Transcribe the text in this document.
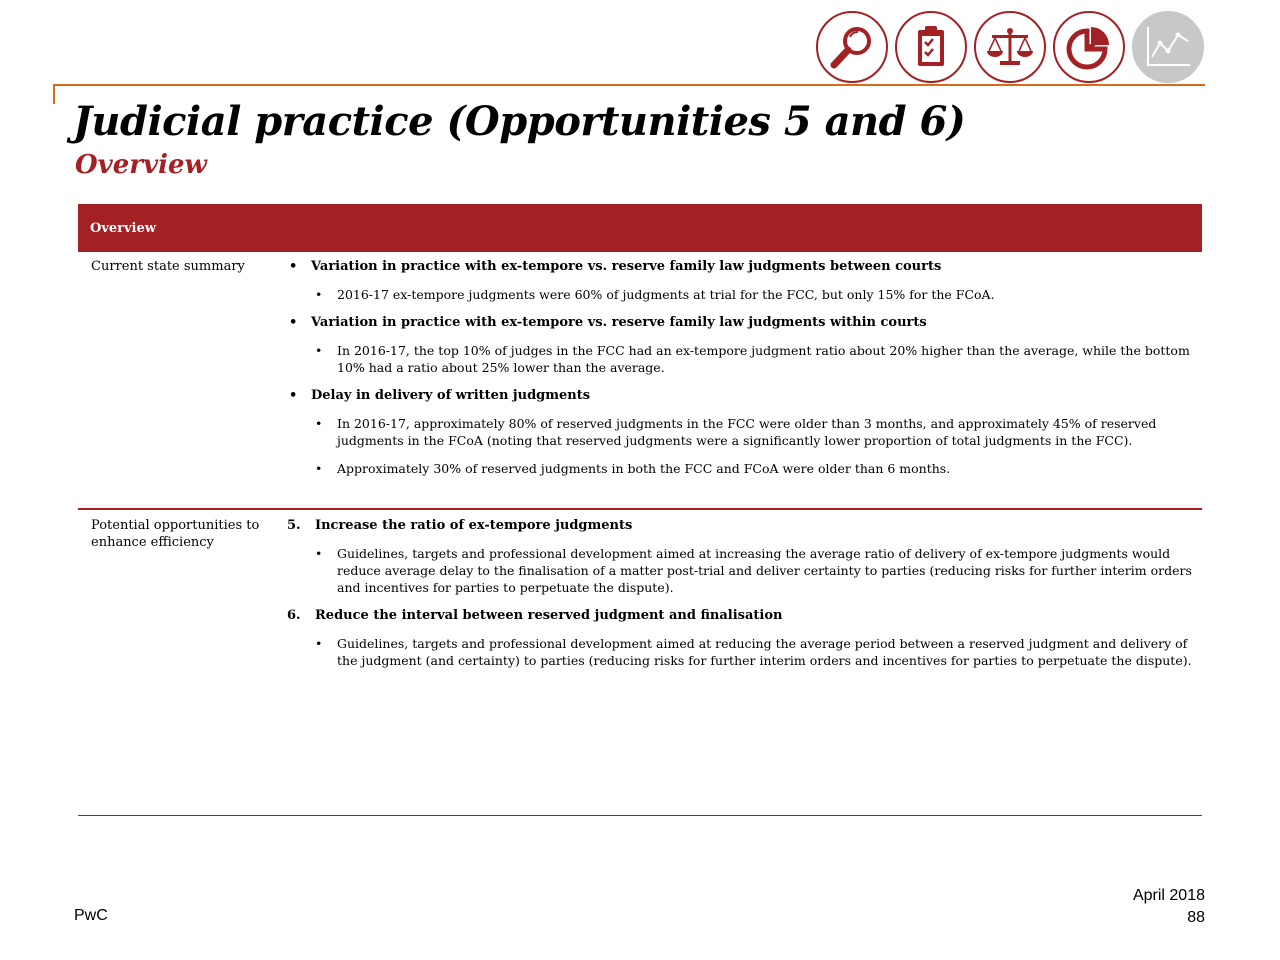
Judicial practice (Opportunities 5 and 6)
Overview
Overview
Current state summary	• Variation in practice with ex-tempore vs. reserve family law judgments between courts
• 2016-17 ex-tempore judgments were 60% of judgments at trial for the FCC, but only 15% for the FCoA.
• Variation in practice with ex-tempore vs. reserve family law judgments within courts
• In 2016-17, the top 10% of judges in the FCC had an ex-tempore judgment ratio about 20% higher than the average, while the bottom 10% had a ratio about 25% lower than the average.
• Delay in delivery of written judgments
• In 2016-17, approximately 80% of reserved judgments in the FCC were older than 3 months, and approximately 45% of reserved judgments in the FCoA (noting that reserved judgments were a significantly lower proportion of total judgments in the FCC).
• Approximately 30% of reserved judgments in both the FCC and FCoA were older than 6 months.
Potential opportunities to enhance efficiency
5. Increase the ratio of ex-tempore judgments
• Guidelines, targets and professional development aimed at increasing the average ratio of delivery of ex-tempore judgments would reduce average delay to the finalisation of a matter post-trial and deliver certainty to parties (reducing risks for further interim orders and incentives for parties to perpetuate the dispute).
6. Reduce the interval between reserved judgment and finalisation
• Guidelines, targets and professional development aimed at reducing the average period between a reserved judgment and delivery of the judgment (and certainty) to parties (reducing risks for further interim orders and incentives for parties to perpetuate the dispute).
PwC
April 2018
88
